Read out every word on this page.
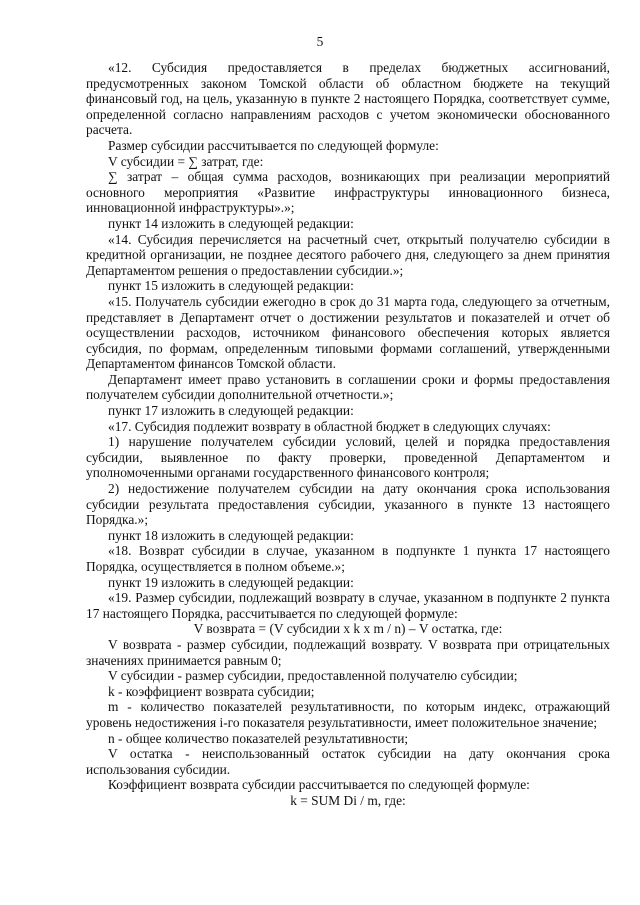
5

«12. Субсидия предоставляется в пределах бюджетных ассигнований, предусмотренных законом Томской области об областном бюджете на текущий финансовый год, на цель, указанную в пункте 2 настоящего Порядка, соответствует сумме, определенной согласно направлениям расходов с учетом экономически обоснованного расчета.

Размер субсидии рассчитывается по следующей формуле:

V субсидии = ∑ затрат, где:

∑ затрат – общая сумма расходов, возникающих при реализации мероприятий основного мероприятия «Развитие инфраструктуры инновационного бизнеса, инновационной инфраструктуры».»;

пункт 14 изложить в следующей редакции:

«14. Субсидия перечисляется на расчетный счет, открытый получателю субсидии в кредитной организации, не позднее десятого рабочего дня, следующего за днем принятия Департаментом решения о предоставлении субсидии.»;

пункт 15 изложить в следующей редакции:

«15. Получатель субсидии ежегодно в срок до 31 марта года, следующего за отчетным, представляет в Департамент отчет о достижении результатов и показателей и отчет об осуществлении расходов, источником финансового обеспечения которых является субсидия, по формам, определенным типовыми формами соглашений, утвержденными Департаментом финансов Томской области.

Департамент имеет право установить в соглашении сроки и формы предоставления получателем субсидии дополнительной отчетности.»;

пункт 17 изложить в следующей редакции:

«17. Субсидия подлежит возврату в областной бюджет в следующих случаях:

1) нарушение получателем субсидии условий, целей и порядка предоставления субсидии, выявленное по факту проверки, проведенной Департаментом и уполномоченными органами государственного финансового контроля;

2) недостижение получателем субсидии на дату окончания срока использования субсидии результата предоставления субсидии, указанного в пункте 13 настоящего Порядка.»;

пункт 18 изложить в следующей редакции:

«18. Возврат субсидии в случае, указанном в подпункте 1 пункта 17 настоящего Порядка, осуществляется в полном объеме.»;

пункт 19 изложить в следующей редакции:

«19. Размер субсидии, подлежащий возврату в случае, указанном в подпункте 2 пункта 17 настоящего Порядка, рассчитывается по следующей формуле:

V возврата = (V субсидии x k x m / n) – V остатка, где:

V возврата - размер субсидии, подлежащий возврату. V возврата при отрицательных значениях принимается равным 0;

V субсидии - размер субсидии, предоставленной получателю субсидии;

k - коэффициент возврата субсидии;

m - количество показателей результативности, по которым индекс, отражающий уровень недостижения i-го показателя результативности, имеет положительное значение;

n - общее количество показателей результативности;

V остатка - неиспользованный остаток субсидии на дату окончания срока использования субсидии.

Коэффициент возврата субсидии рассчитывается по следующей формуле:

k = SUM Di / m, где:
